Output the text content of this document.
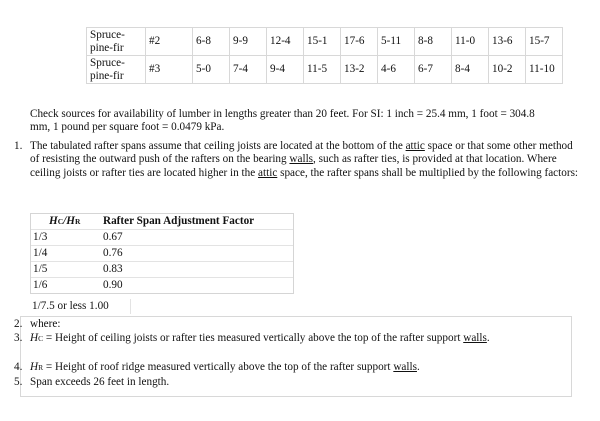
Spruce-pine-fir	#2	6-8	9-9	12-4	15-1	17-6	5-11	8-8	11-0	13-6	15-7
Spruce-pine-fir	#3	5-0	7-4	9-4	11-5	13-2	4-6	6-7	8-4	10-2	11-10
Check sources for availability of lumber in lengths greater than 20 feet. For SI: 1 inch = 25.4 mm, 1 foot = 304.8 mm, 1 pound per square foot = 0.0479 kPa.
1. The tabulated rafter spans assume that ceiling joists are located at the bottom of the attic space or that some other method of resisting the outward push of the rafters on the bearing walls, such as rafter ties, is provided at that location. Where ceiling joists or rafter ties are located higher in the attic space, the rafter spans shall be multiplied by the following factors:
HC/HR Rafter Span Adjustment Factor
1/3	0.67
1/4	0.76
1/5	0.83
1/6	0.90
1/7.5 or less 1.00
2. where:
3. HC = Height of ceiling joists or rafter ties measured vertically above the top of the rafter support walls.
4. HR = Height of roof ridge measured vertically above the top of the rafter support walls.
5. Span exceeds 26 feet in length.
